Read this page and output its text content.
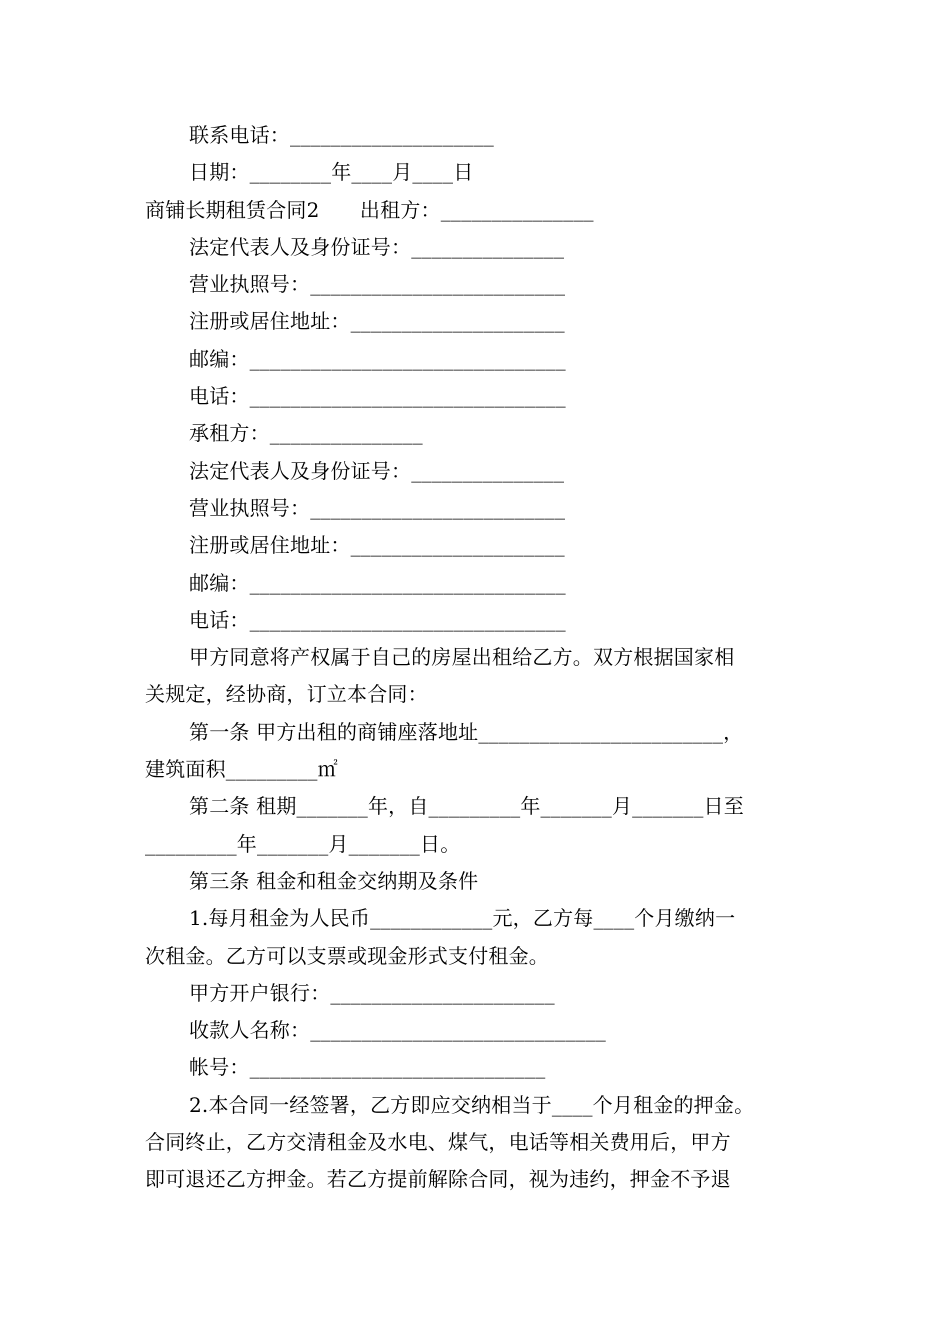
联系电话：____________________
日期：________年____月____日
商铺长期租赁合同2　　出租方：_______________
法定代表人及身份证号：_______________
营业执照号：_________________________
注册或居住地址：_____________________
邮编：_______________________________
电话：_______________________________
承租方：_______________
法定代表人及身份证号：_______________
营业执照号：_________________________
注册或居住地址：_____________________
邮编：_______________________________
电话：_______________________________
甲方同意将产权属于自己的房屋出租给乙方。双方根据国家相
关规定，经协商，订立本合同：
第一条 甲方出租的商铺座落地址________________________，
建筑面积_________㎡
第二条 租期_______年，自_________年_______月_______日至
_________年_______月_______日。
第三条 租金和租金交纳期及条件
1.每月租金为人民币____________元，乙方每____个月缴纳一
次租金。乙方可以支票或现金形式支付租金。
甲方开户银行：______________________
收款人名称：_____________________________
帐号：_____________________________
2.本合同一经签署，乙方即应交纳相当于____个月租金的押金。
合同终止，乙方交清租金及水电、煤气，电话等相关费用后，甲方
即可退还乙方押金。若乙方提前解除合同，视为违约，押金不予退
